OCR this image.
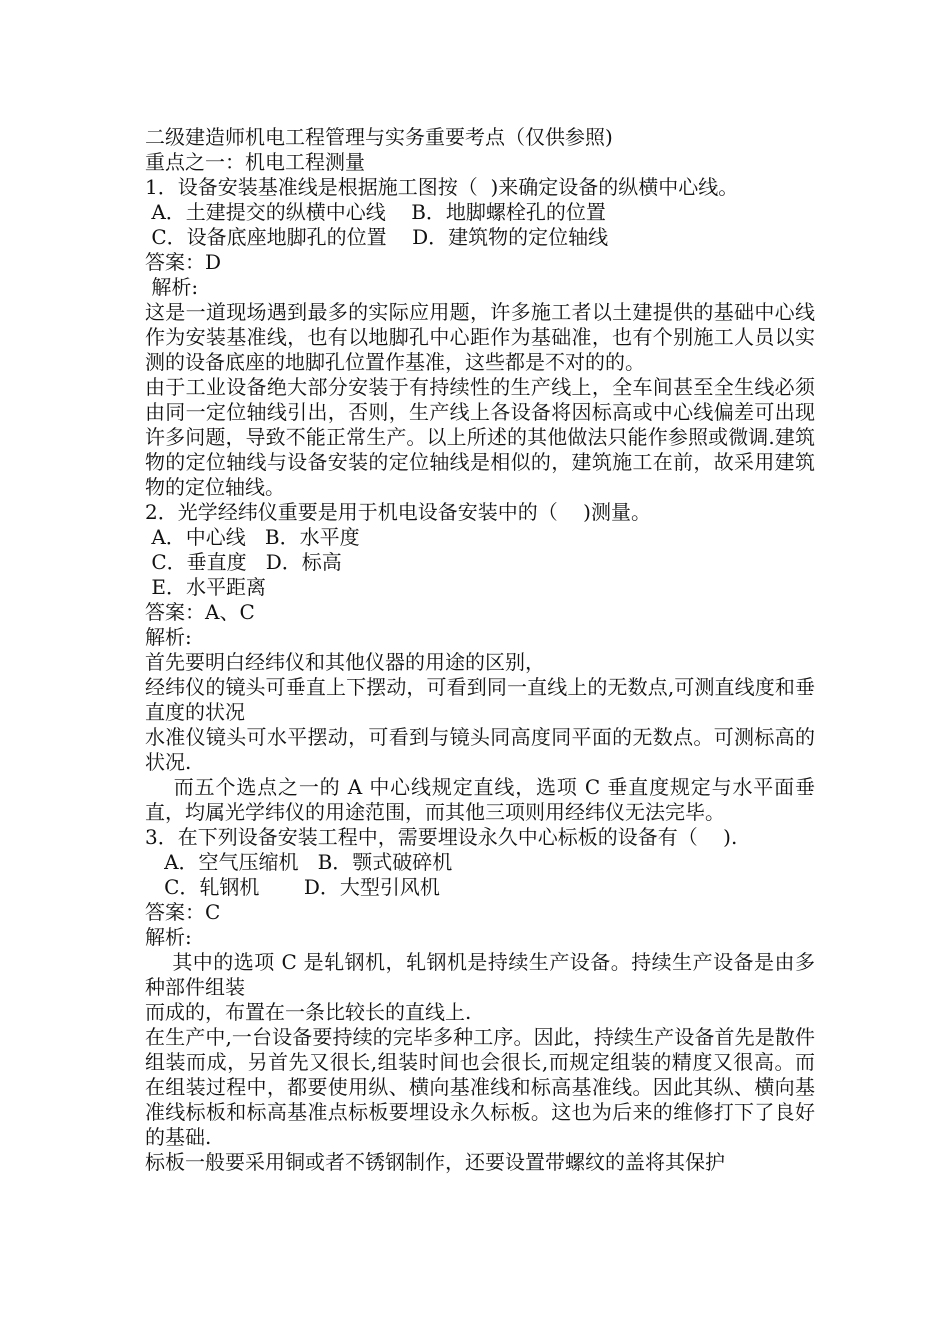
二级建造师机电工程管理与实务重要考点（仅供参照)

重点之一：机电工程测量

1．设备安装基准线是根据施工图按（  )来确定设备的纵横中心线。

A．土建提交的纵横中心线    B．地脚螺栓孔的位置

C．设备底座地脚孔的位置    D．建筑物的定位轴线

答案：D

解析:

这是一道现场遇到最多的实际应用题，许多施工者以土建提供的基础中心线作为安装基准线，也有以地脚孔中心距作为基础准，也有个别施工人员以实测的设备底座的地脚孔位置作基准，这些都是不对的的。

由于工业设备绝大部分安装于有持续性的生产线上，全车间甚至全生线必须由同一定位轴线引出，否则，生产线上各设备将因标高或中心线偏差可出现许多问题，导致不能正常生产。以上所述的其他做法只能作参照或微调.建筑物的定位轴线与设备安装的定位轴线是相似的，建筑施工在前，故采用建筑物的定位轴线。

2．光学经纬仪重要是用于机电设备安装中的（    )测量。

A．中心线   B．水平度

C．垂直度   D．标高

E．水平距离

答案：A、C

解析:

首先要明白经纬仪和其他仪器的用途的区别，

经纬仪的镜头可垂直上下摆动，可看到同一直线上的无数点,可测直线度和垂直度的状况

水准仪镜头可水平摆动，可看到与镜头同高度同平面的无数点。可测标高的状况.

而五个选点之一的 A 中心线规定直线，选项 C 垂直度规定与水平面垂直，均属光学纬仪的用途范围，而其他三项则用经纬仪无法完毕。

3．在下列设备安装工程中，需要埋设永久中心标板的设备有（    ).

A．空气压缩机   B．颚式破碎机

C．轧钢机       D．大型引风机

答案：C

解析:

其中的选项 C 是轧钢机，轧钢机是持续生产设备。持续生产设备是由多种部件组装

而成的，布置在一条比较长的直线上.

在生产中,一台设备要持续的完毕多种工序。因此，持续生产设备首先是散件组装而成，另首先又很长,组装时间也会很长,而规定组装的精度又很高。而在组装过程中，都要使用纵、横向基准线和标高基准线。因此其纵、横向基准线标板和标高基准点标板要埋设永久标板。这也为后来的维修打下了良好的基础.

标板一般要采用铜或者不锈钢制作，还要设置带螺纹的盖将其保护
